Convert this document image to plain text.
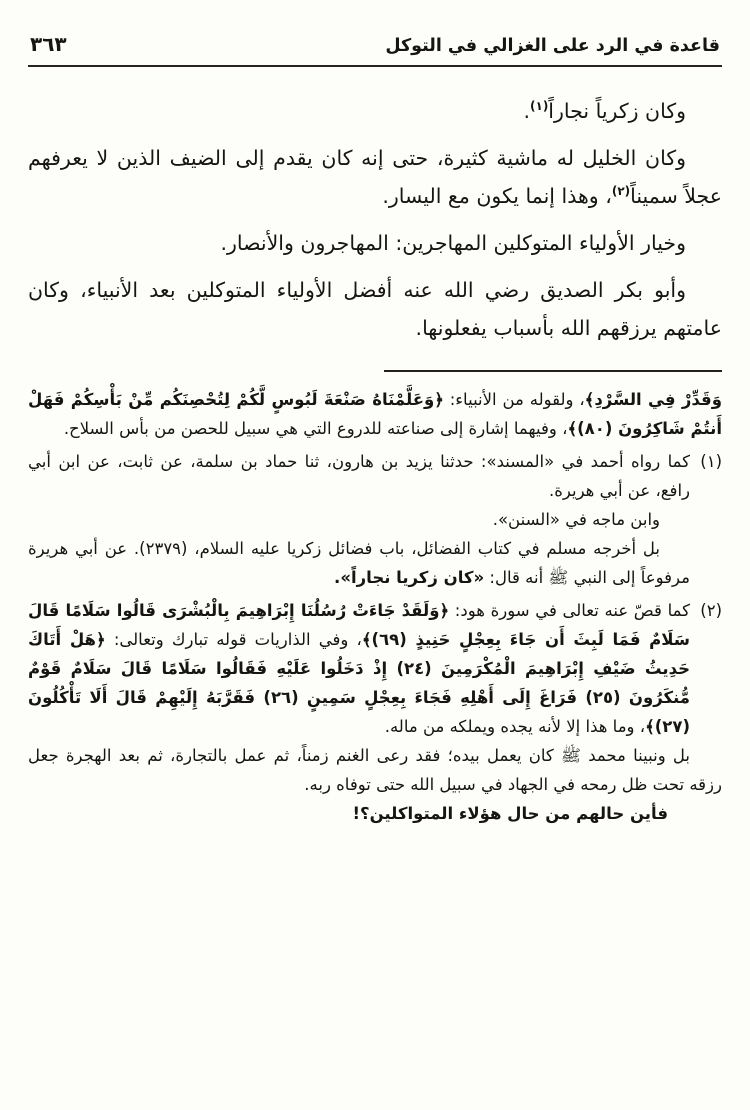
قاعدة في الرد على الغزالي في التوكل
٣٦٣

وكان زكرياً نجاراً$^{(١)}$.

وكان الخليل له ماشية كثيرة، حتى إنه كان يقدم إلى الضيف الذين لا يعرفهم عجلاً سميناً$^{(٢)}$، وهذا إنما يكون مع اليسار.

وخيار الأولياء المتوكلين المهاجرين: المهاجرون والأنصار.

وأبو بكر الصديق رضي الله عنه أفضل الأولياء المتوكلين بعد الأنبياء، وكان عامتهم يرزقهم الله بأسباب يفعلونها.

وَقَدِّرْ فِي السَّرْدِ﴾، ولقوله من الأنبياء: ﴿وَعَلَّمْنَاهُ صَنْعَةَ لَبُوسٍ لَّكُمْ لِتُحْصِنَكُم مِّنْ بَأْسِكُمْ فَهَلْ أَنتُمْ شَاكِرُونَ (٨٠)﴾، وفيهما إشارة إلى صناعته للدروع التي هي سبيل للحصن من بأس السلاح.

(١)

كما رواه أحمد في «المسند»: حدثنا يزيد بن هارون، ثنا حماد بن سلمة، عن ثابت، عن ابن أبي رافع، عن أبي هريرة.

وابن ماجه في «السنن».

بل أخرجه مسلم في كتاب الفضائل، باب فضائل زكريا عليه السلام، (٢٣٧٩). عن أبي هريرة مرفوعاً إلى النبي ﷺ أنه قال: «كان زكريا نجاراً».

(٢)

كما قصّ عنه تعالى في سورة هود: ﴿وَلَقَدْ جَاءَتْ رُسُلُنَا إِبْرَاهِيمَ بِالْبُشْرَى قَالُوا سَلَامًا قَالَ سَلَامٌ فَمَا لَبِثَ أَن جَاءَ بِعِجْلٍ حَنِيذٍ (٦٩)﴾، وفي الذاريات قوله تبارك وتعالى: ﴿هَلْ أَتَاكَ حَدِيثُ ضَيْفِ إِبْرَاهِيمَ الْمُكْرَمِينَ (٢٤) إِذْ دَخَلُوا عَلَيْهِ فَقَالُوا سَلَامًا قَالَ سَلَامٌ قَوْمٌ مُّنكَرُونَ (٢٥) فَرَاغَ إِلَى أَهْلِهِ فَجَاءَ بِعِجْلٍ سَمِينٍ (٢٦) فَقَرَّبَهُ إِلَيْهِمْ قَالَ أَلَا تَأْكُلُونَ (٢٧)﴾، وما هذا إلا لأنه يجده ويملكه من ماله.

بل ونبينا محمد ﷺ كان يعمل بيده؛ فقد رعى الغنم زمناً، ثم عمل بالتجارة، ثم بعد الهجرة جعل رزقه تحت ظل رمحه في الجهاد في سبيل الله حتى توفاه ربه.

فأين حالهم من حال هؤلاء المتواكلين؟!
